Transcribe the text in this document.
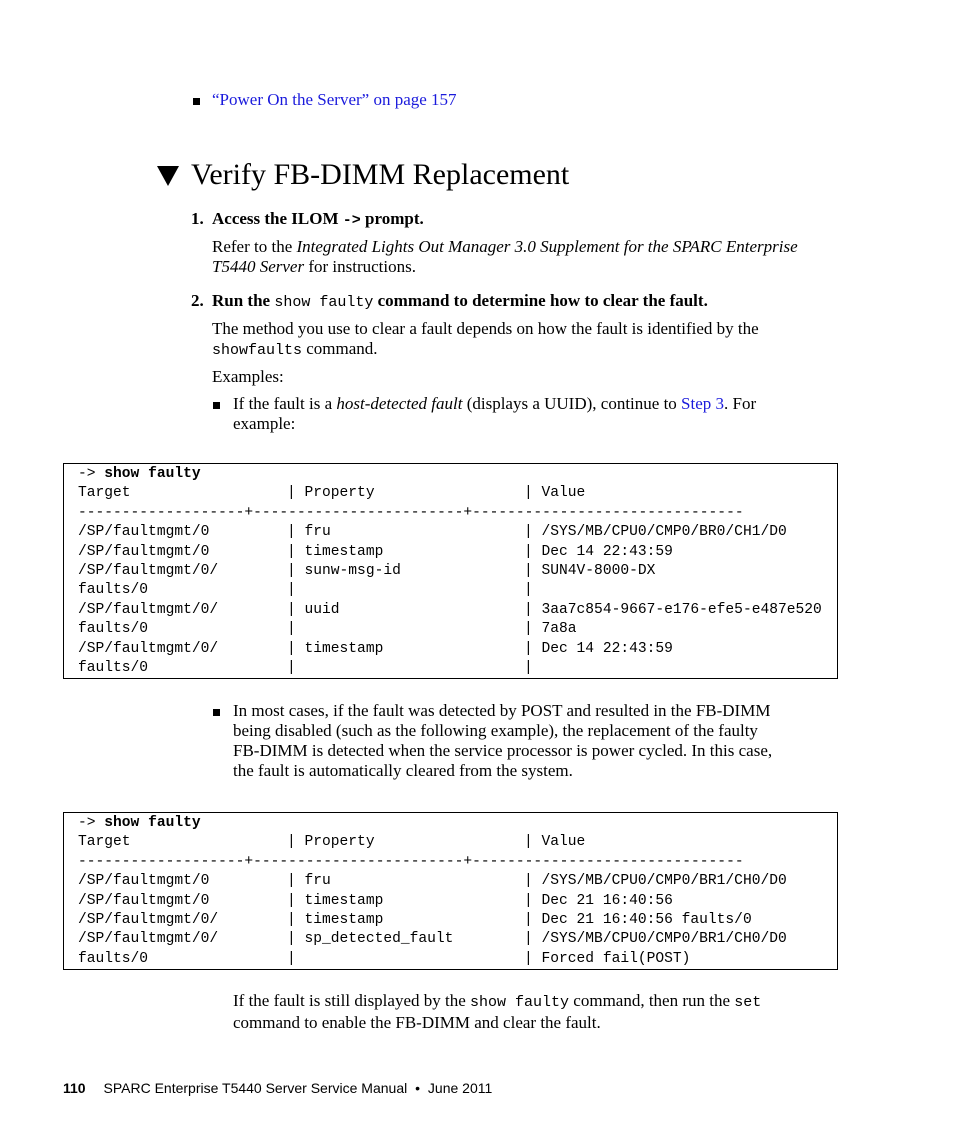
“Power On the Server” on page 157
Verify FB-DIMM Replacement
1. Access the ILOM -> prompt.
Refer to the Integrated Lights Out Manager 3.0 Supplement for the SPARC Enterprise
T5440 Server for instructions.
2. Run the show faulty command to determine how to clear the fault.
The method you use to clear a fault depends on how the fault is identified by the
showfaults command.
Examples:
If the fault is a host-detected fault (displays a UUID), continue to Step 3. For
example:
-> show faulty
Target	| Property	| Value
-------------------+------------------------+-------------------------------
/SP/faultmgmt/0	| fru	| /SYS/MB/CPU0/CMP0/BR0/CH1/D0
/SP/faultmgmt/0	| timestamp	| Dec 14 22:43:59
/SP/faultmgmt/0/	| sunw-msg-id	| SUN4V-8000-DX
faults/0	|	|
/SP/faultmgmt/0/	| uuid	| 3aa7c854-9667-e176-efe5-e487e520
faults/0	|	| 7a8a
/SP/faultmgmt/0/	| timestamp	| Dec 14 22:43:59
faults/0	|	|
In most cases, if the fault was detected by POST and resulted in the FB-DIMM
being disabled (such as the following example), the replacement of the faulty
FB-DIMM is detected when the service processor is power cycled. In this case,
the fault is automatically cleared from the system.
-> show faulty
Target	| Property	| Value
-------------------+------------------------+-------------------------------
/SP/faultmgmt/0	| fru	| /SYS/MB/CPU0/CMP0/BR1/CH0/D0
/SP/faultmgmt/0	| timestamp	| Dec 21 16:40:56
/SP/faultmgmt/0/	| timestamp	| Dec 21 16:40:56 faults/0
/SP/faultmgmt/0/	| sp_detected_fault	| /SYS/MB/CPU0/CMP0/BR1/CH0/D0
faults/0	|	| Forced fail(POST)
If the fault is still displayed by the show faulty command, then run the set
command to enable the FB-DIMM and clear the fault.
110 SPARC Enterprise T5440 Server Service Manual • June 2011
